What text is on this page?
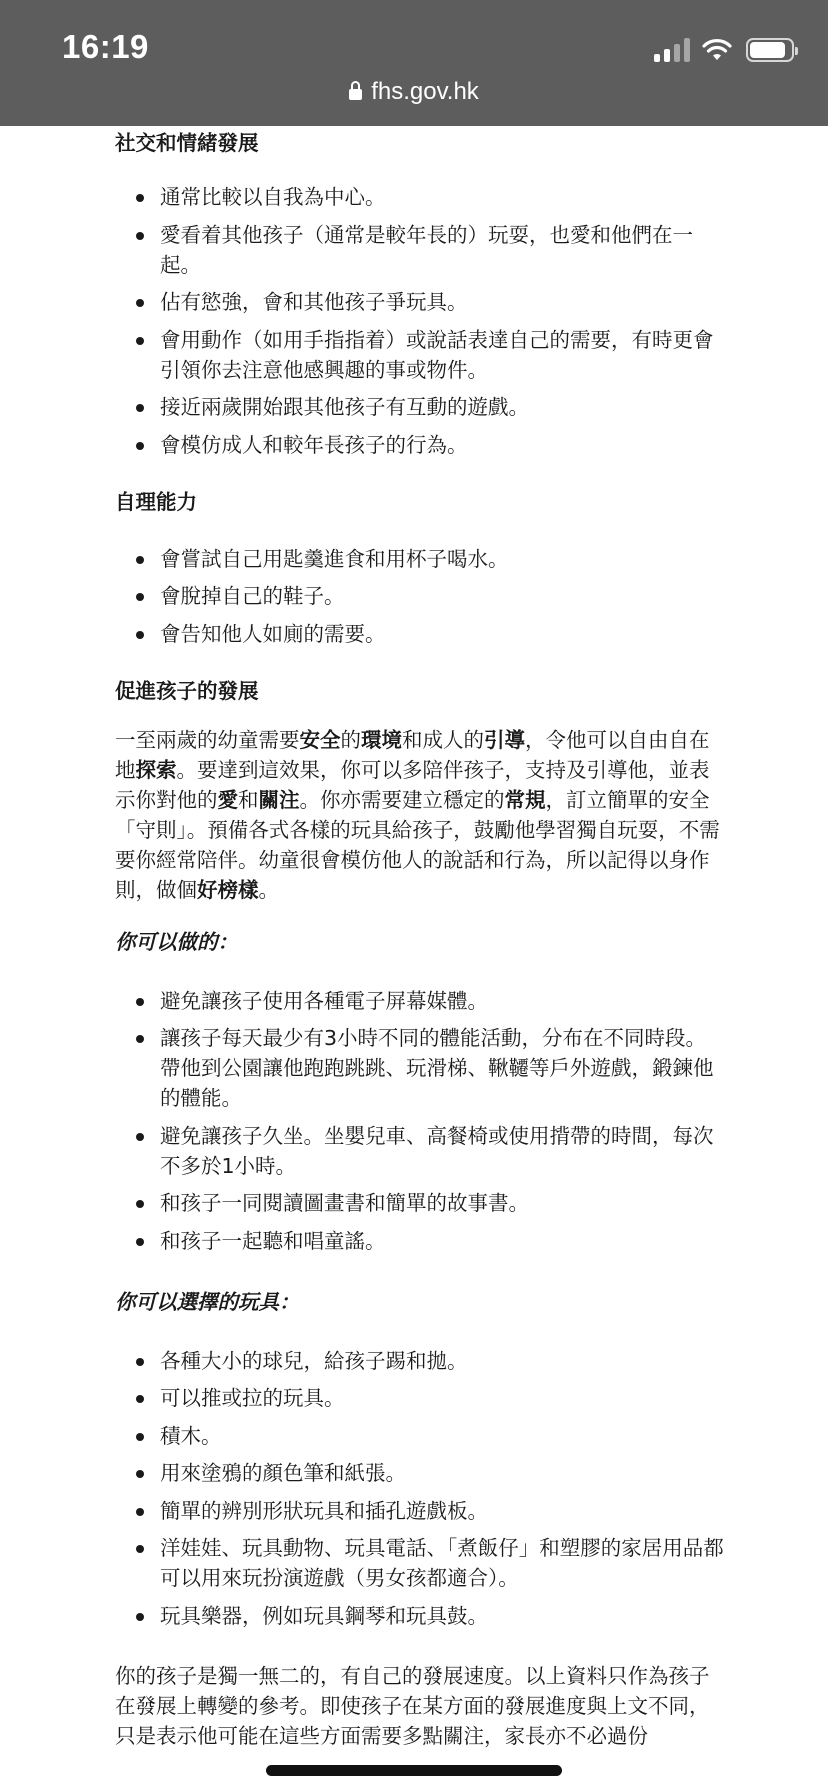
16:19
fhs.gov.hk
社交和情緒發展
通常比較以自我為中心。
愛看着其他孩子（通常是較年長的）玩耍，也愛和他們在一起。
佔有慾強，會和其他孩子爭玩具。
會用動作（如用手指指着）或說話表達自己的需要，有時更會引領你去注意他感興趣的事或物件。
接近兩歲開始跟其他孩子有互動的遊戲。
會模仿成人和較年長孩子的行為。
自理能力
會嘗試自己用匙羹進食和用杯子喝水。
會脫掉自己的鞋子。
會告知他人如廁的需要。
促進孩子的發展

一至兩歲的幼童需要安全的環境和成人的引導，令他可以自由自在地探索。要達到這效果，你可以多陪伴孩子，支持及引導他，並表示你對他的愛和關注。你亦需要建立穩定的常規，訂立簡單的安全「守則」。預備各式各樣的玩具給孩子，鼓勵他學習獨自玩耍，不需要你經常陪伴。幼童很會模仿他人的說話和行為，所以記得以身作則，做個好榜樣。

你可以做的：
避免讓孩子使用各種電子屏幕媒體。
讓孩子每天最少有3小時不同的體能活動，分布在不同時段。帶他到公園讓他跑跑跳跳、玩滑梯、鞦韆等戶外遊戲，鍛鍊他的體能。
避免讓孩子久坐。坐嬰兒車、高餐椅或使用揹帶的時間，每次不多於1小時。
和孩子一同閱讀圖畫書和簡單的故事書。
和孩子一起聽和唱童謠。
你可以選擇的玩具：
各種大小的球兒，給孩子踢和拋。
可以推或拉的玩具。
積木。
用來塗鴉的顏色筆和紙張。
簡單的辨別形狀玩具和插孔遊戲板。
洋娃娃、玩具動物、玩具電話、「煮飯仔」和塑膠的家居用品都可以用來玩扮演遊戲（男女孩都適合）。
玩具樂器，例如玩具鋼琴和玩具鼓。

你的孩子是獨一無二的，有自己的發展速度。以上資料只作為孩子在發展上轉變的參考。即使孩子在某方面的發展進度與上文不同，只是表示他可能在這些方面需要多點關注，家長亦不必過份
